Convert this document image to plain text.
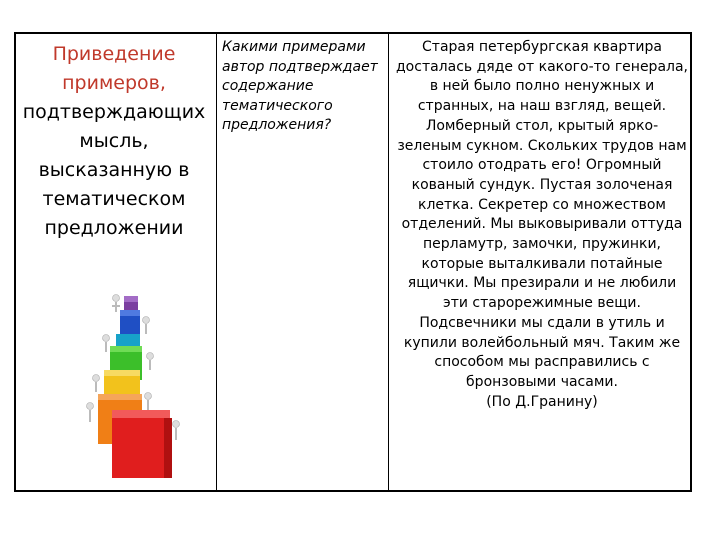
Приведение примеров,
подтверждающих мысль, высказанную в тематическом предложении
Какими примерами автор подтверждает содержание тематического предложения?
Старая петербургская квартира досталась дяде от какого-то генерала, в ней было полно ненужных и странных, на наш взгляд, вещей. Ломберный стол, крытый ярко-зеленым сукном. Скольких трудов нам стоило отодрать его! Огромный кованый сундук. Пустая золоченая клетка. Секретер со множеством отделений. Мы выковыривали оттуда перламутр, замочки, пружинки, которые выталкивали потайные ящички. Мы презирали и не любили эти старорежимные вещи. Подсвечники мы сдали в утиль и купили волейбольный мяч. Таким же способом мы расправились с бронзовыми часами.
(По Д.Гранину)
